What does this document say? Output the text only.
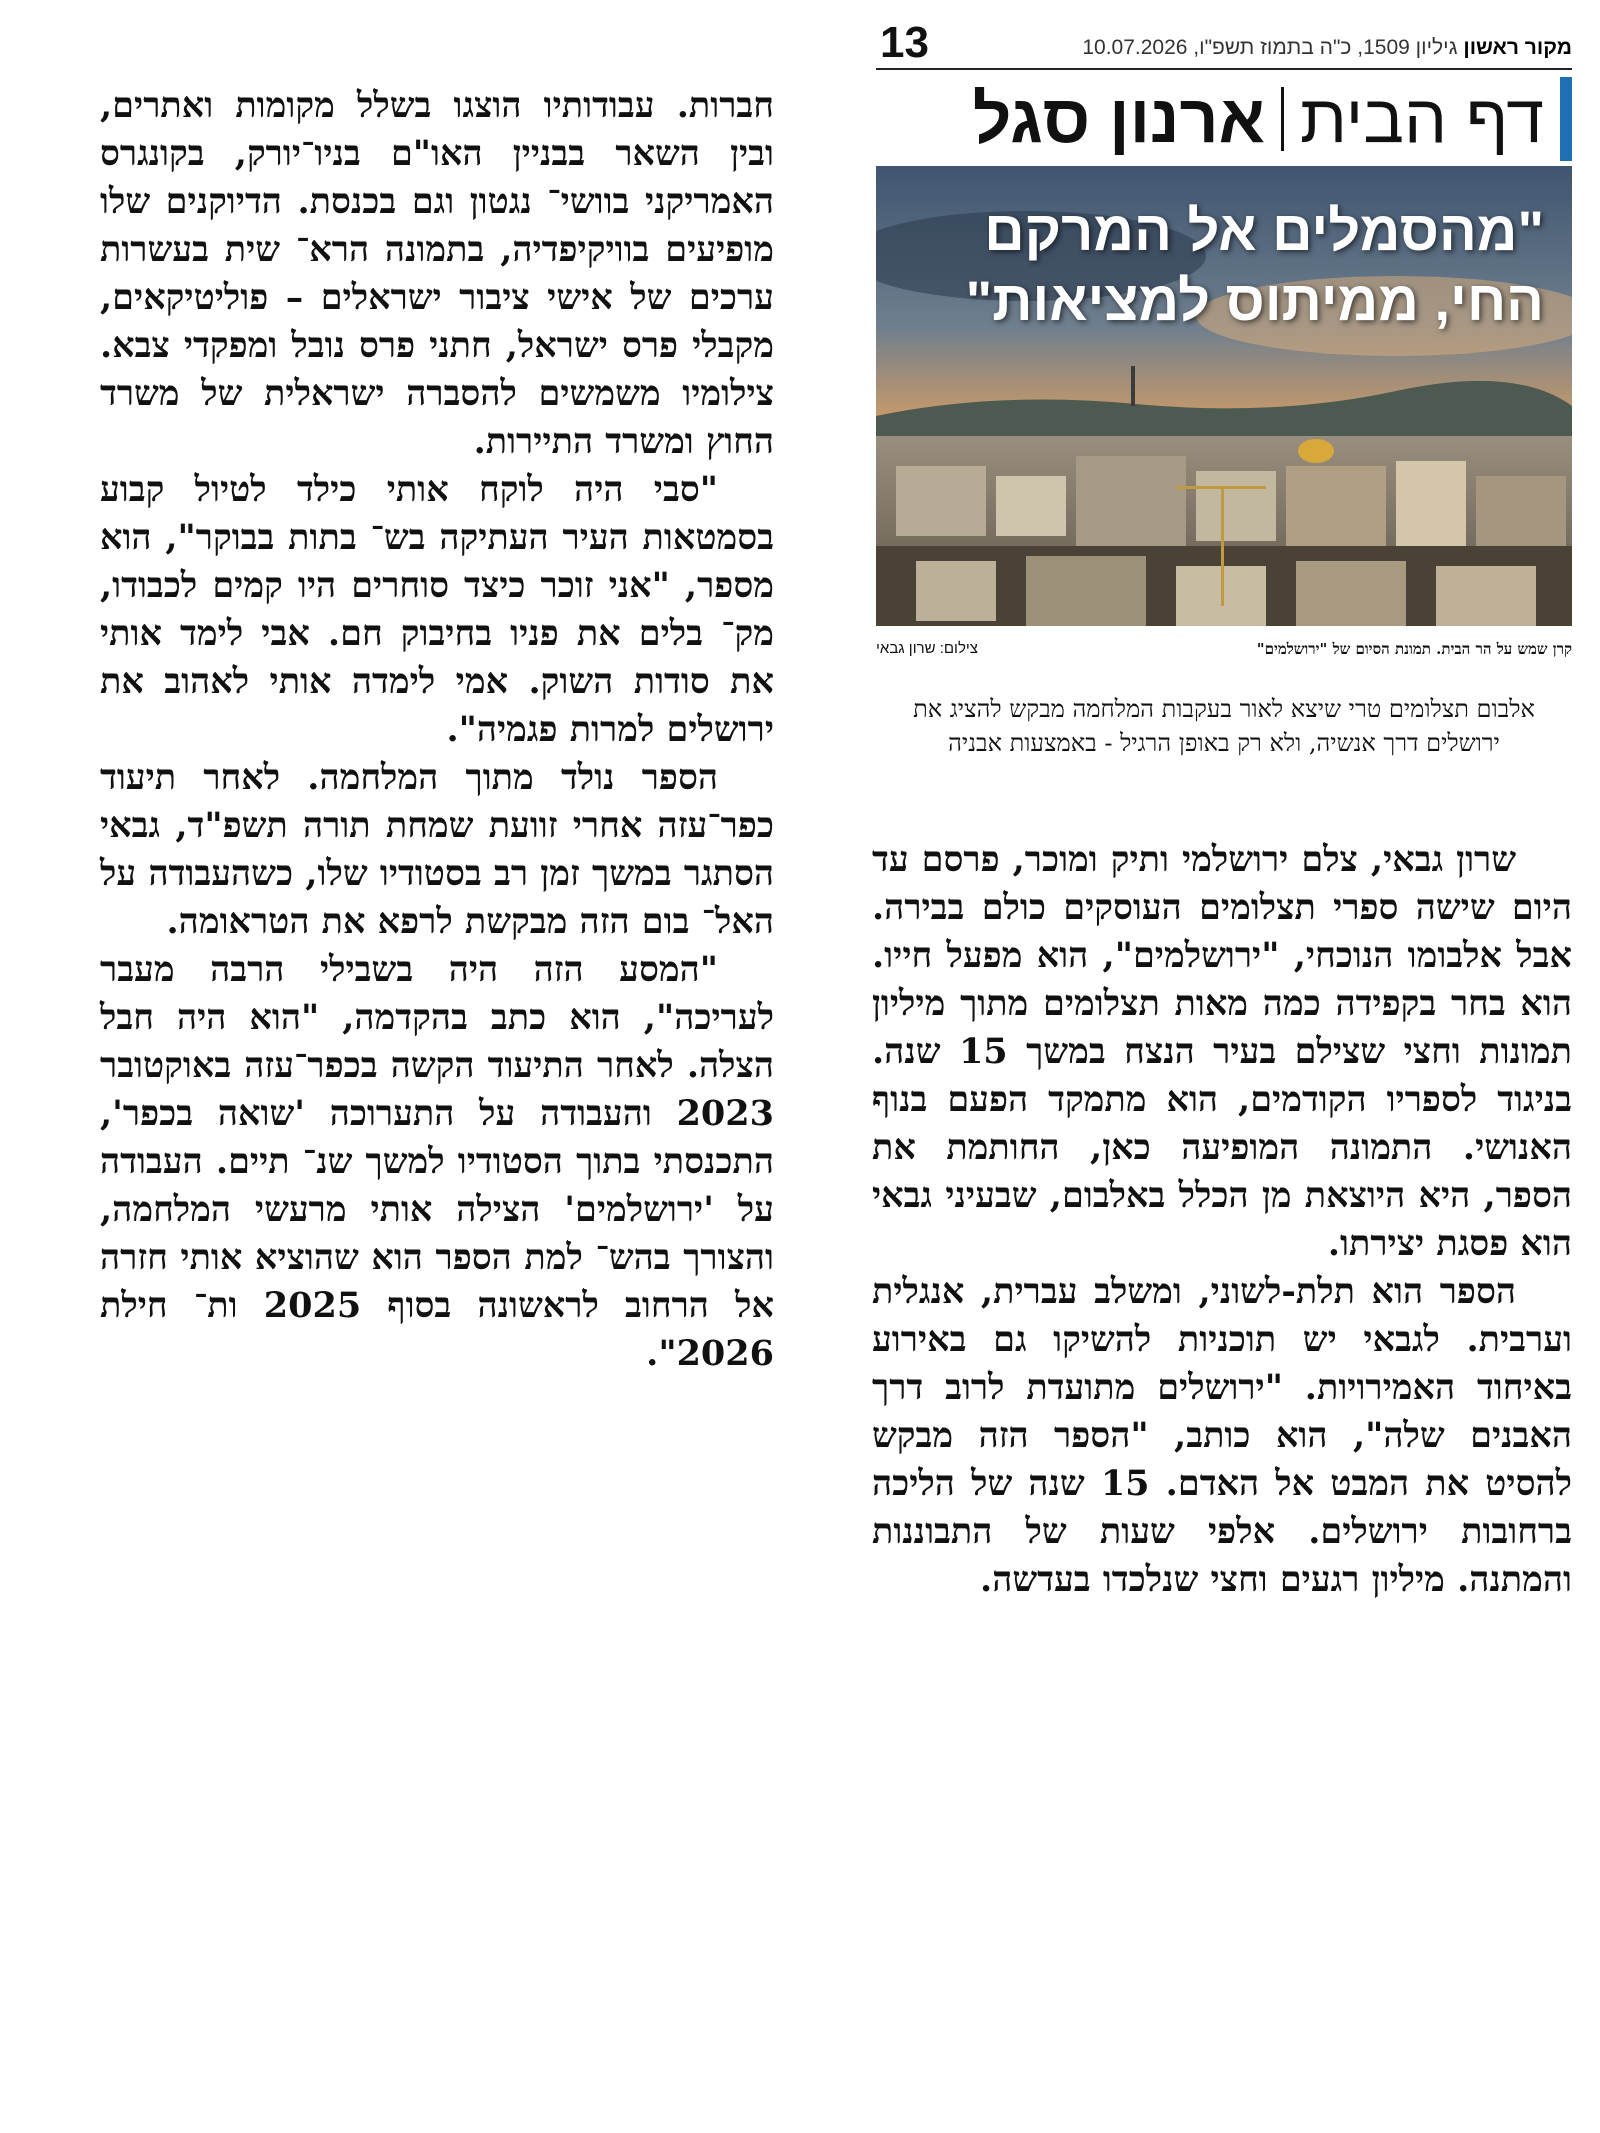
13	מקור ראשון גיליון 1509, כ"ה בתמוז תשפ"ו, 10.07.2026
דף הבית
ארנון סגל
"מהסמלים אל המרקם
החי, ממיתוס למציאות"
קרן שמש על הר הבית. תמונת הסיום של "ירושלמים"
צילום: שרון גבאי
אלבום תצלומים טרי שיצא לאור בעקבות המלחמה מבקש להציג את ירושלים דרך אנשיה, ולא רק באופן הרגיל - באמצעות אבניה

שרון גבאי, צלם ירושלמי ותיק ומוכר, פרסם עד היום שישה ספרי תצלומים העוסקים כולם בבירה. אבל אלבומו הנוכחי, "ירושלמים", הוא מפעל חייו. הוא בחר בקפידה כמה מאות תצלומים מתוך מיליון תמונות וחצי שצילם בעיר הנצח במשך 15 שנה. בניגוד לספריו הקודמים, הוא מתמקד הפעם בנוף האנושי. התמונה המופיעה כאן, החותמת את הספר, היא היוצאת מן הכלל באלבום, שבעיני גבאי הוא פסגת יצירתו.

הספר הוא תלת-לשוני, ומשלב עברית, אנגלית וערבית. לגבאי יש תוכניות להשיקו גם באירוע באיחוד האמירויות. "ירושלים מתועדת לרוב דרך האבנים שלה", הוא כותב, "הספר הזה מבקש להסיט את המבט אל האדם. 15 שנה של הליכה ברחובות ירושלים. אלפי שעות של התבוננות והמתנה. מיליון רגעים וחצי שנלכדו בעדשה.

חברות. עבודותיו הוצגו בשלל מקומות ואתרים, ובין השאר בבניין האו"ם בניו־יורק, בקונגרס האמריקני בוושי־ נגטון וגם בכנסת. הדיוקנים שלו מופיעים בוויקיפדיה, בתמונה הרא־ שית בעשרות ערכים של אישי ציבור ישראלים – פוליטיקאים, מקבלי פרס ישראל, חתני פרס נובל ומפקדי צבא. צילומיו משמשים להסברה ישראלית של משרד החוץ ומשרד התיירות.

"סבי היה לוקח אותי כילד לטיול קבוע בסמטאות העיר העתיקה בש־ בתות בבוקר", הוא מספר, "אני זוכר כיצד סוחרים היו קמים לכבודו, מק־ בלים את פניו בחיבוק חם. אבי לימד אותי את סודות השוק. אמי לימדה אותי לאהוב את ירושלים למרות פגמיה".

הספר נולד מתוך המלחמה. לאחר תיעוד כפר־עזה אחרי זוועת שמחת תורה תשפ"ד, גבאי הסתגר במשך זמן רב בסטודיו שלו, כשהעבודה על האל־ בום הזה מבקשת לרפא את הטראומה.

"המסע הזה היה בשבילי הרבה מעבר לעריכה", הוא כתב בהקדמה, "הוא היה חבל הצלה. לאחר התיעוד הקשה בכפר־עזה באוקטובר 2023 והעבודה על התערוכה 'שואה בכפר', התכנסתי בתוך הסטודיו למשך שנ־ תיים. העבודה על 'ירושלמים' הצילה אותי מרעשי המלחמה, והצורך בהש־ למת הספר הוא שהוציא אותי חזרה אל הרחוב לראשונה בסוף 2025 ות־ חילת 2026".
